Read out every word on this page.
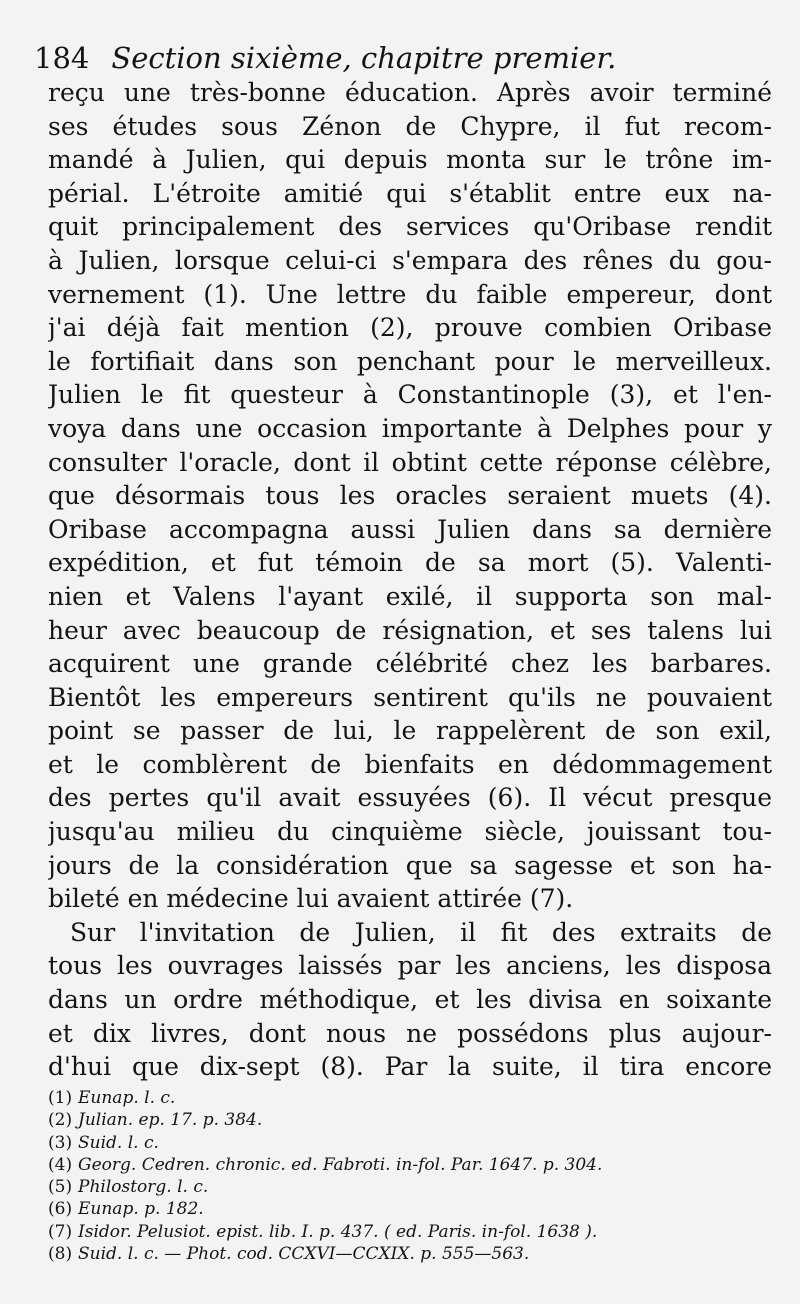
184 Section sixième, chapitre premier.
reçu une très-bonne éducation. Après avoir terminé
ses études sous Zénon de Chypre, il fut recom-
mandé à Julien, qui depuis monta sur le trône im-
périal. L'étroite amitié qui s'établit entre eux na-
quit principalement des services qu'Oribase rendit
à Julien, lorsque celui-ci s'empara des rênes du gou-
vernement (1). Une lettre du faible empereur, dont
j'ai déjà fait mention (2), prouve combien Oribase
le fortifiait dans son penchant pour le merveilleux.
Julien le fit questeur à Constantinople (3), et l'en-
voya dans une occasion importante à Delphes pour y
consulter l'oracle, dont il obtint cette réponse célèbre,
que désormais tous les oracles seraient muets (4).
Oribase accompagna aussi Julien dans sa dernière
expédition, et fut témoin de sa mort (5). Valenti-
nien et Valens l'ayant exilé, il supporta son mal-
heur avec beaucoup de résignation, et ses talens lui
acquirent une grande célébrité chez les barbares.
Bientôt les empereurs sentirent qu'ils ne pouvaient
point se passer de lui, le rappelèrent de son exil,
et le comblèrent de bienfaits en dédommagement
des pertes qu'il avait essuyées (6). Il vécut presque
jusqu'au milieu du cinquième siècle, jouissant tou-
jours de la considération que sa sagesse et son ha-
bileté en médecine lui avaient attirée (7).
Sur l'invitation de Julien, il fit des extraits de
tous les ouvrages laissés par les anciens, les disposa
dans un ordre méthodique, et les divisa en soixante
et dix livres, dont nous ne possédons plus aujour-
d'hui que dix-sept (8). Par la suite, il tira encore
(1) Eunap. l. c.
(2) Julian. ep. 17. p. 384.
(3) Suid. l. c.
(4) Georg. Cedren. chronic. ed. Fabroti. in-fol. Par. 1647. p. 304.
(5) Philostorg. l. c.
(6) Eunap. p. 182.
(7) Isidor. Pelusiot. epist. lib. I. p. 437. ( ed. Paris. in-fol. 1638 ).
(8) Suid. l. c. — Phot. cod. CCXVI—CCXIX. p. 555—563.
